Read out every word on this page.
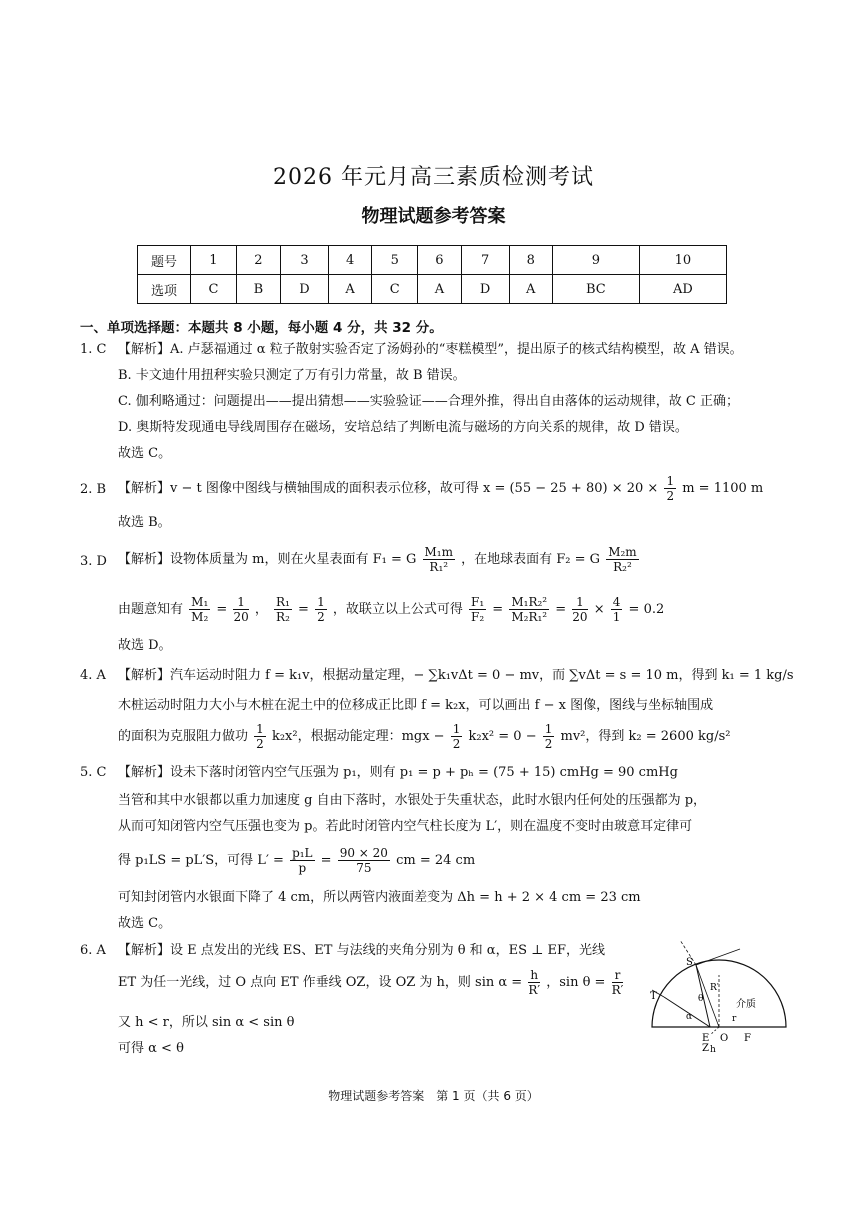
2026 年元月高三素质检测考试
物理试题参考答案
题号	1	2	3	4	5	6	7	8	9	10
选项	C	B	D	A	C	A	D	A	BC	AD
一、单项选择题：本题共 8 小题，每小题 4 分，共 32 分。
1. C 【解析】A. 卢瑟福通过 α 粒子散射实验否定了汤姆孙的“枣糕模型”，提出原子的核式结构模型，故 A 错误。
B. 卡文迪什用扭秤实验只测定了万有引力常量，故 B 错误。
C. 伽利略通过：问题提出——提出猜想——实验验证——合理外推，得出自由落体的运动规律，故 C 正确；
D. 奥斯特发现通电导线周围存在磁场，安培总结了判断电流与磁场的方向关系的规律，故 D 错误。
故选 C。
2. B 【解析】v − t 图像中图线与横轴围成的面积表示位移，故可得 $x = (55 - 25 + 80) \times 20 \times \frac{1}{2}$ m = 1100 m
故选 B。
3. D 【解析】设物体质量为 m，则在火星表面有 F₁ = G $\frac{\text{M₁m}}{\text{R₁²}}$ ，在地球表面有 F₂ = G $\frac{\text{M₂m}}{\text{R₂²}}$
由题意知有 $\frac{\text{M₁}}{\text{M₂}} = \frac{1}{20}$ ， $\frac{\text{R₁}}{\text{R₂}} = \frac{1}{2}$ ，故联立以上公式可得 $\frac{\text{F₁}}{\text{F₂}} = \frac{\text{M₁R₂²}}{\text{M₂R₁²}} = \frac{1}{20} \times \frac{4}{1} = 0.2$
故选 D。
4. A 【解析】汽车运动时阻力 f = k₁v，根据动量定理，− ∑k₁vΔt = 0 − mv，而 ∑vΔt = s = 10 m，得到 k₁ = 1 kg/s
木桩运动时阻力大小与木桩在泥土中的位移成正比即 f = k₂x，可以画出 f − x 图像，图线与坐标轴围成
的面积为克服阻力做功 $\frac{1}{2} k_2x^2$，根据动能定理：mgx − $\frac{1}{2} k_2x^2 = 0 - \frac{1}{2} mv^2$，得到 k₂ = 2600 kg/s²
5. C 【解析】设未下落时闭管内空气压强为 p₁，则有 p₁ = p + pₕ = (75 + 15) cmHg = 90 cmHg
当管和其中水银都以重力加速度 g 自由下落时，水银处于失重状态，此时水银内任何处的压强都为 p，
从而可知闭管内空气压强也变为 p。若此时闭管内空气柱长度为 L′，则在温度不变时由玻意耳定律可
得 p₁LS = pL′S，可得 $L' = \frac{\text{p₁L}}{p} = \frac{90 \times 20}{75}$ cm = 24 cm
可知封闭管内水银面下降了 4 cm，所以两管内液面差变为 Δh = h + 2 × 4 cm = 23 cm
故选 C。
6. A 【解析】设 E 点发出的光线 ES、ET 与法线的夹角分别为 θ 和 α，ES ⊥ EF，光线
ET 为任一光线，过 O 点向 ET 作垂线 OZ，设 OZ 为 h，则 $\sin \alpha = \frac{h}{R'}$ ，$\sin \theta = \frac{r}{R'}$
又 h < r，所以 sin α < sin θ
可得 α < θ
S
T
E O F
Z h
r
R′
θ
α
介质
物理试题参考答案　第 1 页（共 6 页）
